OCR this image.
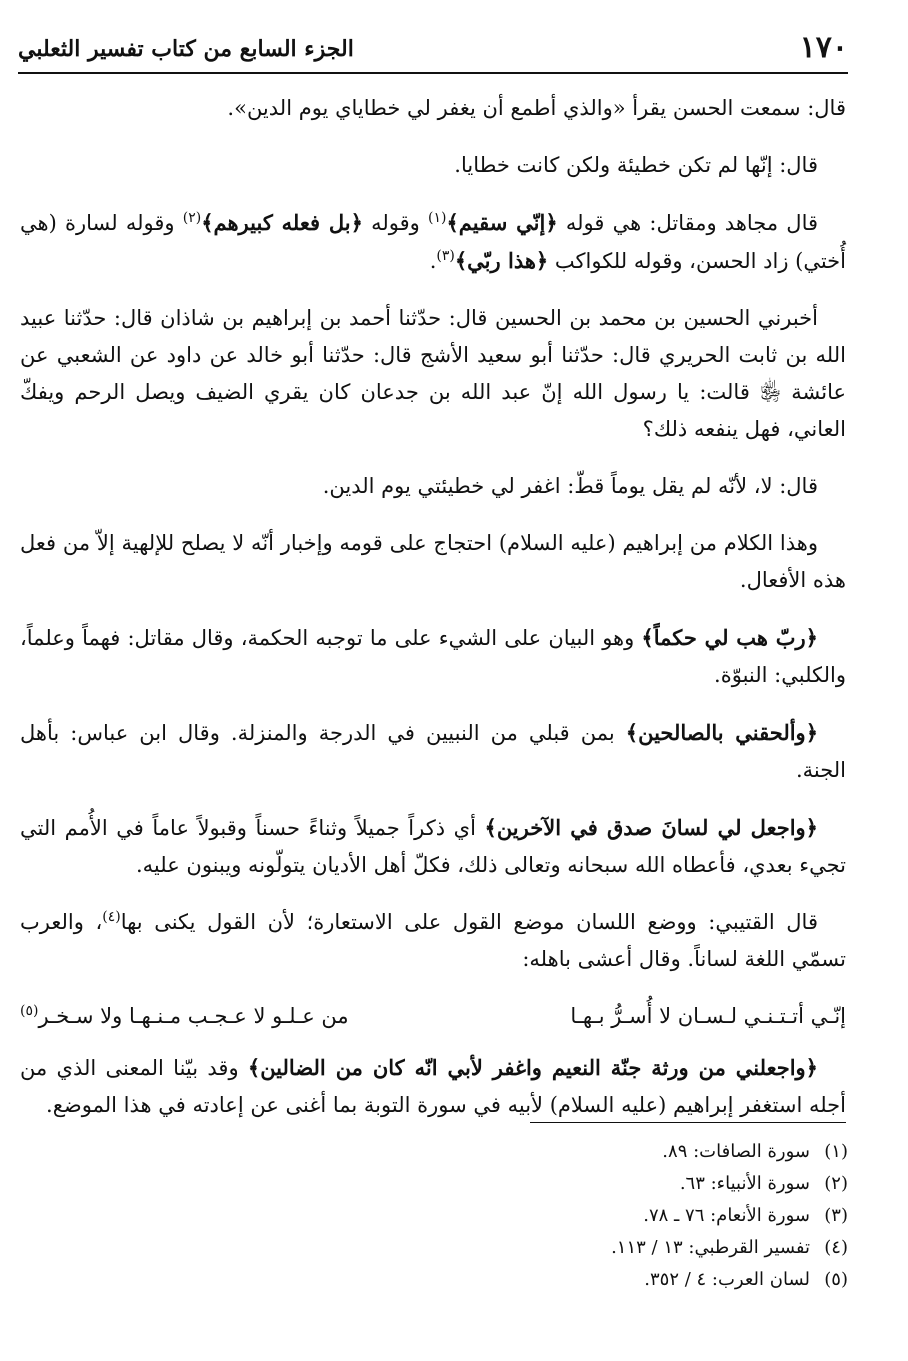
١٧٠
الجزء السابع من كتاب تفسير الثعلبي
قال: سمعت الحسن يقرأ «والذي أطمع أن يغفر لي خطاياي يوم الدين».
قال: إنّها لم تكن خطيئة ولكن كانت خطايا.
قال مجاهد ومقاتل: هي قوله ﴿إنّي سقيم﴾$^{(١)}$ وقوله ﴿بل فعله كبيرهم﴾$^{(٢)}$ وقوله لسارة (هي أُختي) زاد الحسن، وقوله للكواكب ﴿هذا ربّي﴾$^{(٣)}$.
أخبرني الحسين بن محمد بن الحسين قال: حدّثنا أحمد بن إبراهيم بن شاذان قال: حدّثنا عبيد الله بن ثابت الحريري قال: حدّثنا أبو سعيد الأشج قال: حدّثنا أبو خالد عن داود عن الشعبي عن عائشة ﵂ قالت: يا رسول الله إنّ عبد الله بن جدعان كان يقري الضيف ويصل الرحم ويفكّ العاني، فهل ينفعه ذلك؟
قال: لا، لأنّه لم يقل يوماً قطّ: اغفر لي خطيئتي يوم الدين.
وهذا الكلام من إبراهيم (عليه السلام) احتجاج على قومه وإخبار أنّه لا يصلح للإلهية إلاّ من فعل هذه الأفعال.
﴿ربّ هب لي حكماً﴾ وهو البيان على الشيء على ما توجبه الحكمة، وقال مقاتل: فهماً وعلماً، والكلبي: النبوّة.
﴿وألحقني بالصالحين﴾ بمن قبلي من النبيين في الدرجة والمنزلة. وقال ابن عباس: بأهل الجنة.
﴿واجعل لي لسانَ صدق في الآخرين﴾ أي ذكراً جميلاً وثناءً حسناً وقبولاً عاماً في الأُمم التي تجيء بعدي، فأعطاه الله سبحانه وتعالى ذلك، فكلّ أهل الأديان يتولّونه ويبنون عليه.
قال القتيبي: ووضع اللسان موضع القول على الاستعارة؛ لأن القول يكنى بها$^{(٤)}$، والعرب تسمّي اللغة لساناً. وقال أعشى باهله:
إنّـي أتـتـنـي لـسـان لا أُسـرُّ بـهـا
من عـلـو لا عـجـب مـنـهـا ولا سـخـر$^{(٥)}$
﴿واجعلني من ورثة جنّة النعيم واغفر لأبي انّه كان من الضالين﴾ وقد بيّنا المعنى الذي من أجله استغفر إبراهيم (عليه السلام) لأبيه في سورة التوبة بما أغنى عن إعادته في هذا الموضع.
(١)
سورة الصافات: ٨٩.
(٢)
سورة الأنبياء: ٦٣.
(٣)
سورة الأنعام: ٧٦ ـ ٧٨.
(٤)
تفسير القرطبي: ١٣ / ١١٣.
(٥)
لسان العرب: ٤ / ٣٥٢.
